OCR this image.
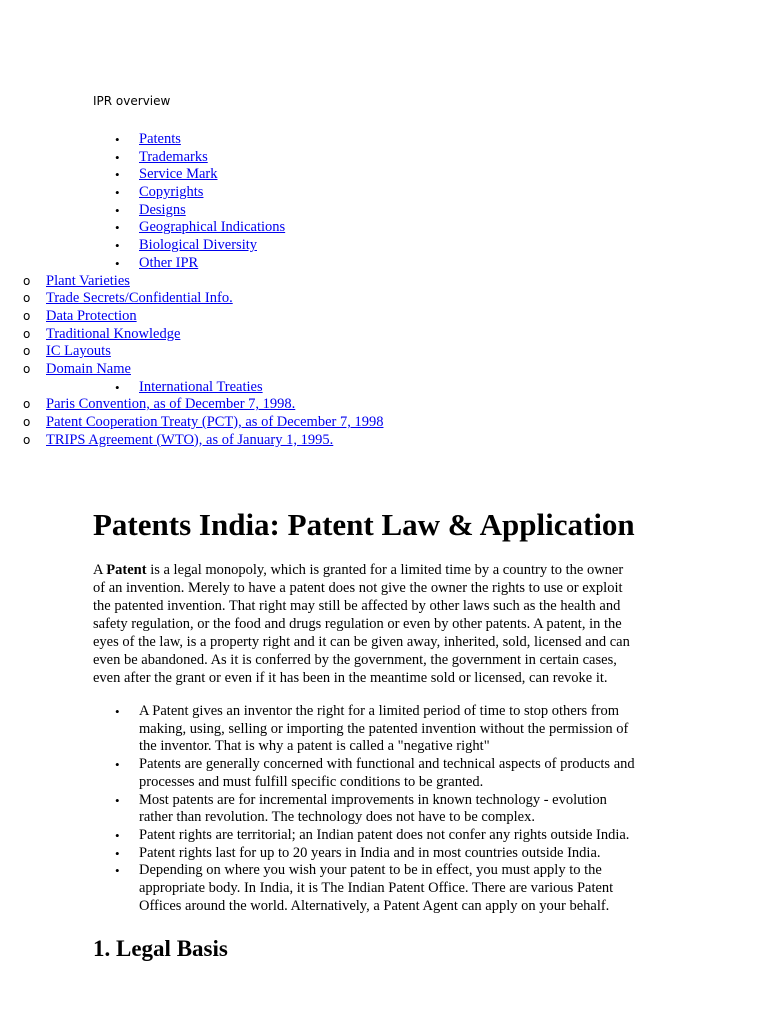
IPR overview

•	Patents
•	Trademarks
•	Service Mark
•	Copyrights
•	Designs
•	Geographical Indications
•	Biological Diversity
•	Other IPR
o Plant Varieties
o Trade Secrets/Confidential Info.
o Data Protection
o Traditional Knowledge
o IC Layouts
o Domain Name
•	International Treaties
o Paris Convention, as of December 7, 1998.
o Patent Cooperation Treaty (PCT), as of December 7, 1998
o TRIPS Agreement (WTO), as of January 1, 1995.
Patents India: Patent Law & Application

A Patent is a legal monopoly, which is granted for a limited time by a country to the owner

of an invention. Merely to have a patent does not give the owner the rights to use or exploit

the patented invention. That right may still be affected by other laws such as the health and

safety regulation, or the food and drugs regulation or even by other patents. A patent, in the

eyes of the law, is a property right and it can be given away, inherited, sold, licensed and can

even be abandoned. As it is conferred by the government, the government in certain cases,

even after the grant or even if it has been in the meantime sold or licensed, can revoke it.

• A Patent gives an inventor the right for a limited period of time to stop others from
making, using, selling or importing the patented invention without the permission of
the inventor. That is why a patent is called a "negative right"
• Patents are generally concerned with functional and technical aspects of products and
processes and must fulfill specific conditions to be granted.
• Most patents are for incremental improvements in known technology - evolution
rather than revolution. The technology does not have to be complex.
• Patent rights are territorial; an Indian patent does not confer any rights outside India.
• Patent rights last for up to 20 years in India and in most countries outside India.
• Depending on where you wish your patent to be in effect, you must apply to the
appropriate body. In India, it is The Indian Patent Office. There are various Patent
Offices around the world. Alternatively, a Patent Agent can apply on your behalf.
1. Legal Basis
